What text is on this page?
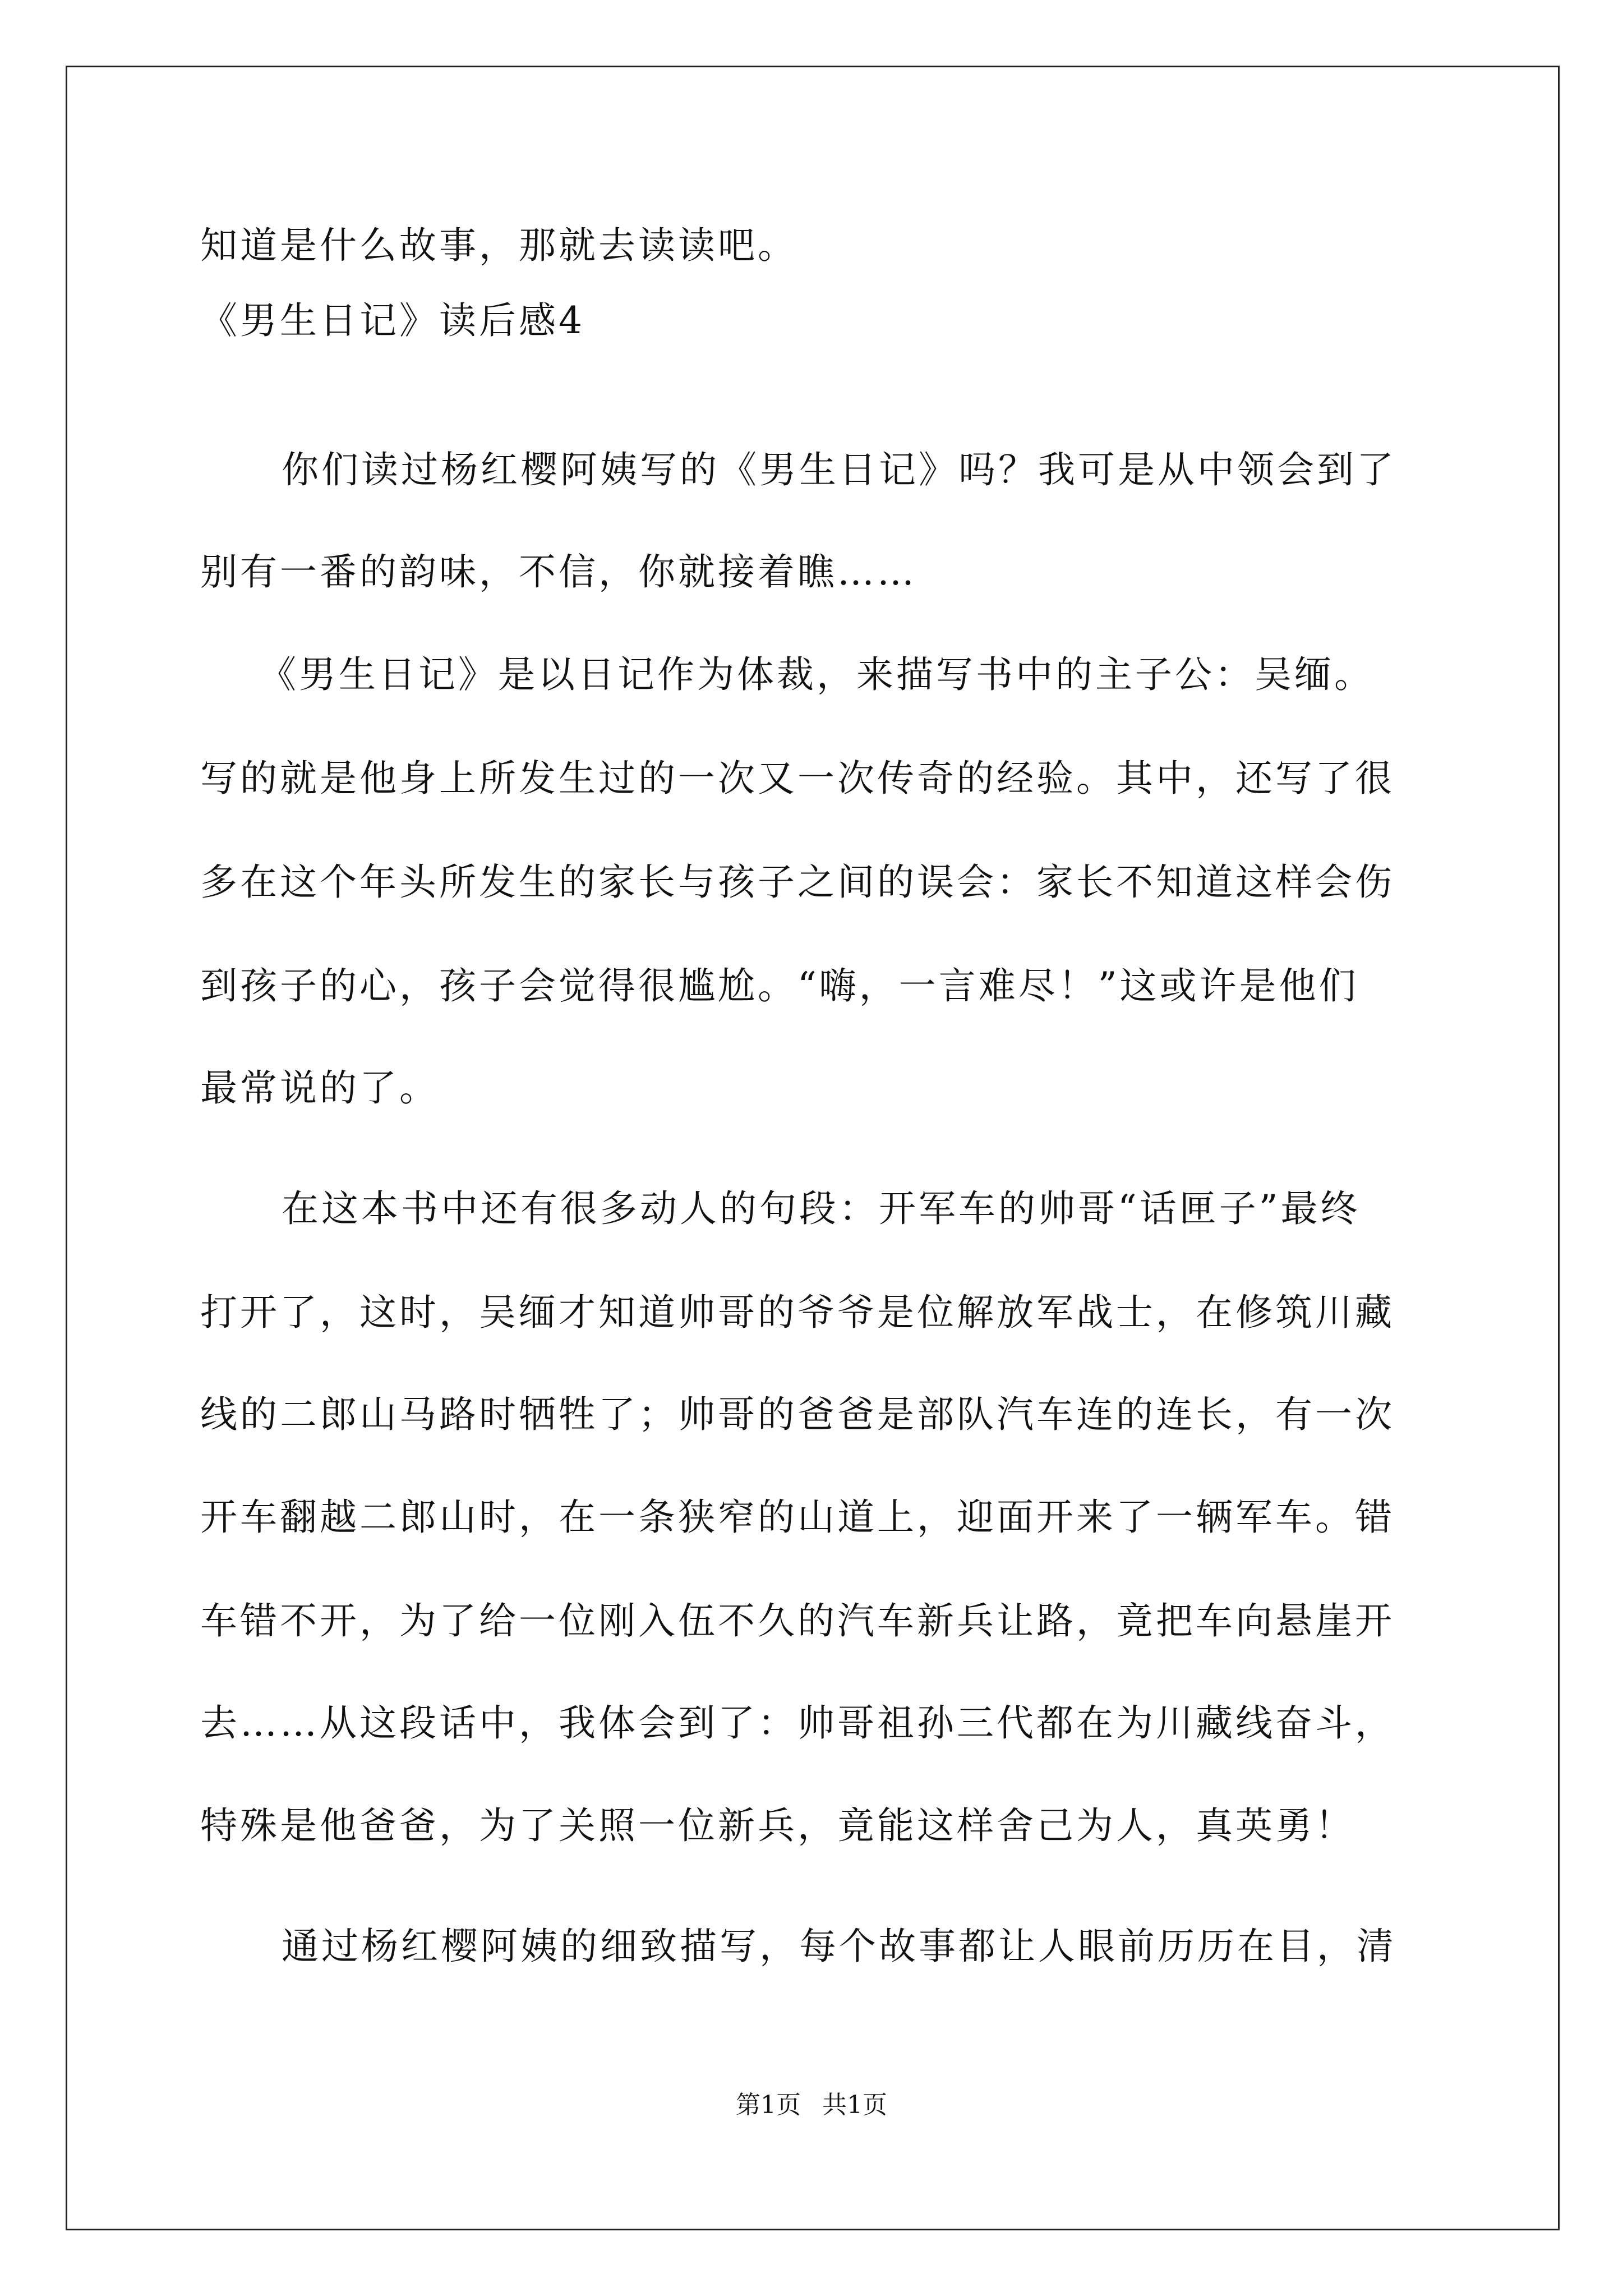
知道是什么故事，那就去读读吧。
《男生日记》读后感4
你们读过杨红樱阿姨写的《男生日记》吗？我可是从中领会到了
别有一番的韵味，不信，你就接着瞧……
《男生日记》是以日记作为体裁，来描写书中的主子公：吴缅。
写的就是他身上所发生过的一次又一次传奇的经验。其中，还写了很
多在这个年头所发生的家长与孩子之间的误会：家长不知道这样会伤
到孩子的心，孩子会觉得很尴尬。“嗨，一言难尽！”这或许是他们
最常说的了。
在这本书中还有很多动人的句段：开军车的帅哥“话匣子”最终
打开了，这时，吴缅才知道帅哥的爷爷是位解放军战士，在修筑川藏
线的二郎山马路时牺牲了；帅哥的爸爸是部队汽车连的连长，有一次
开车翻越二郎山时，在一条狭窄的山道上，迎面开来了一辆军车。错
车错不开，为了给一位刚入伍不久的汽车新兵让路，竟把车向悬崖开
去……从这段话中，我体会到了：帅哥祖孙三代都在为川藏线奋斗，
特殊是他爸爸，为了关照一位新兵，竟能这样舍己为人，真英勇！
通过杨红樱阿姨的细致描写，每个故事都让人眼前历历在目，清
第1页 共1页
